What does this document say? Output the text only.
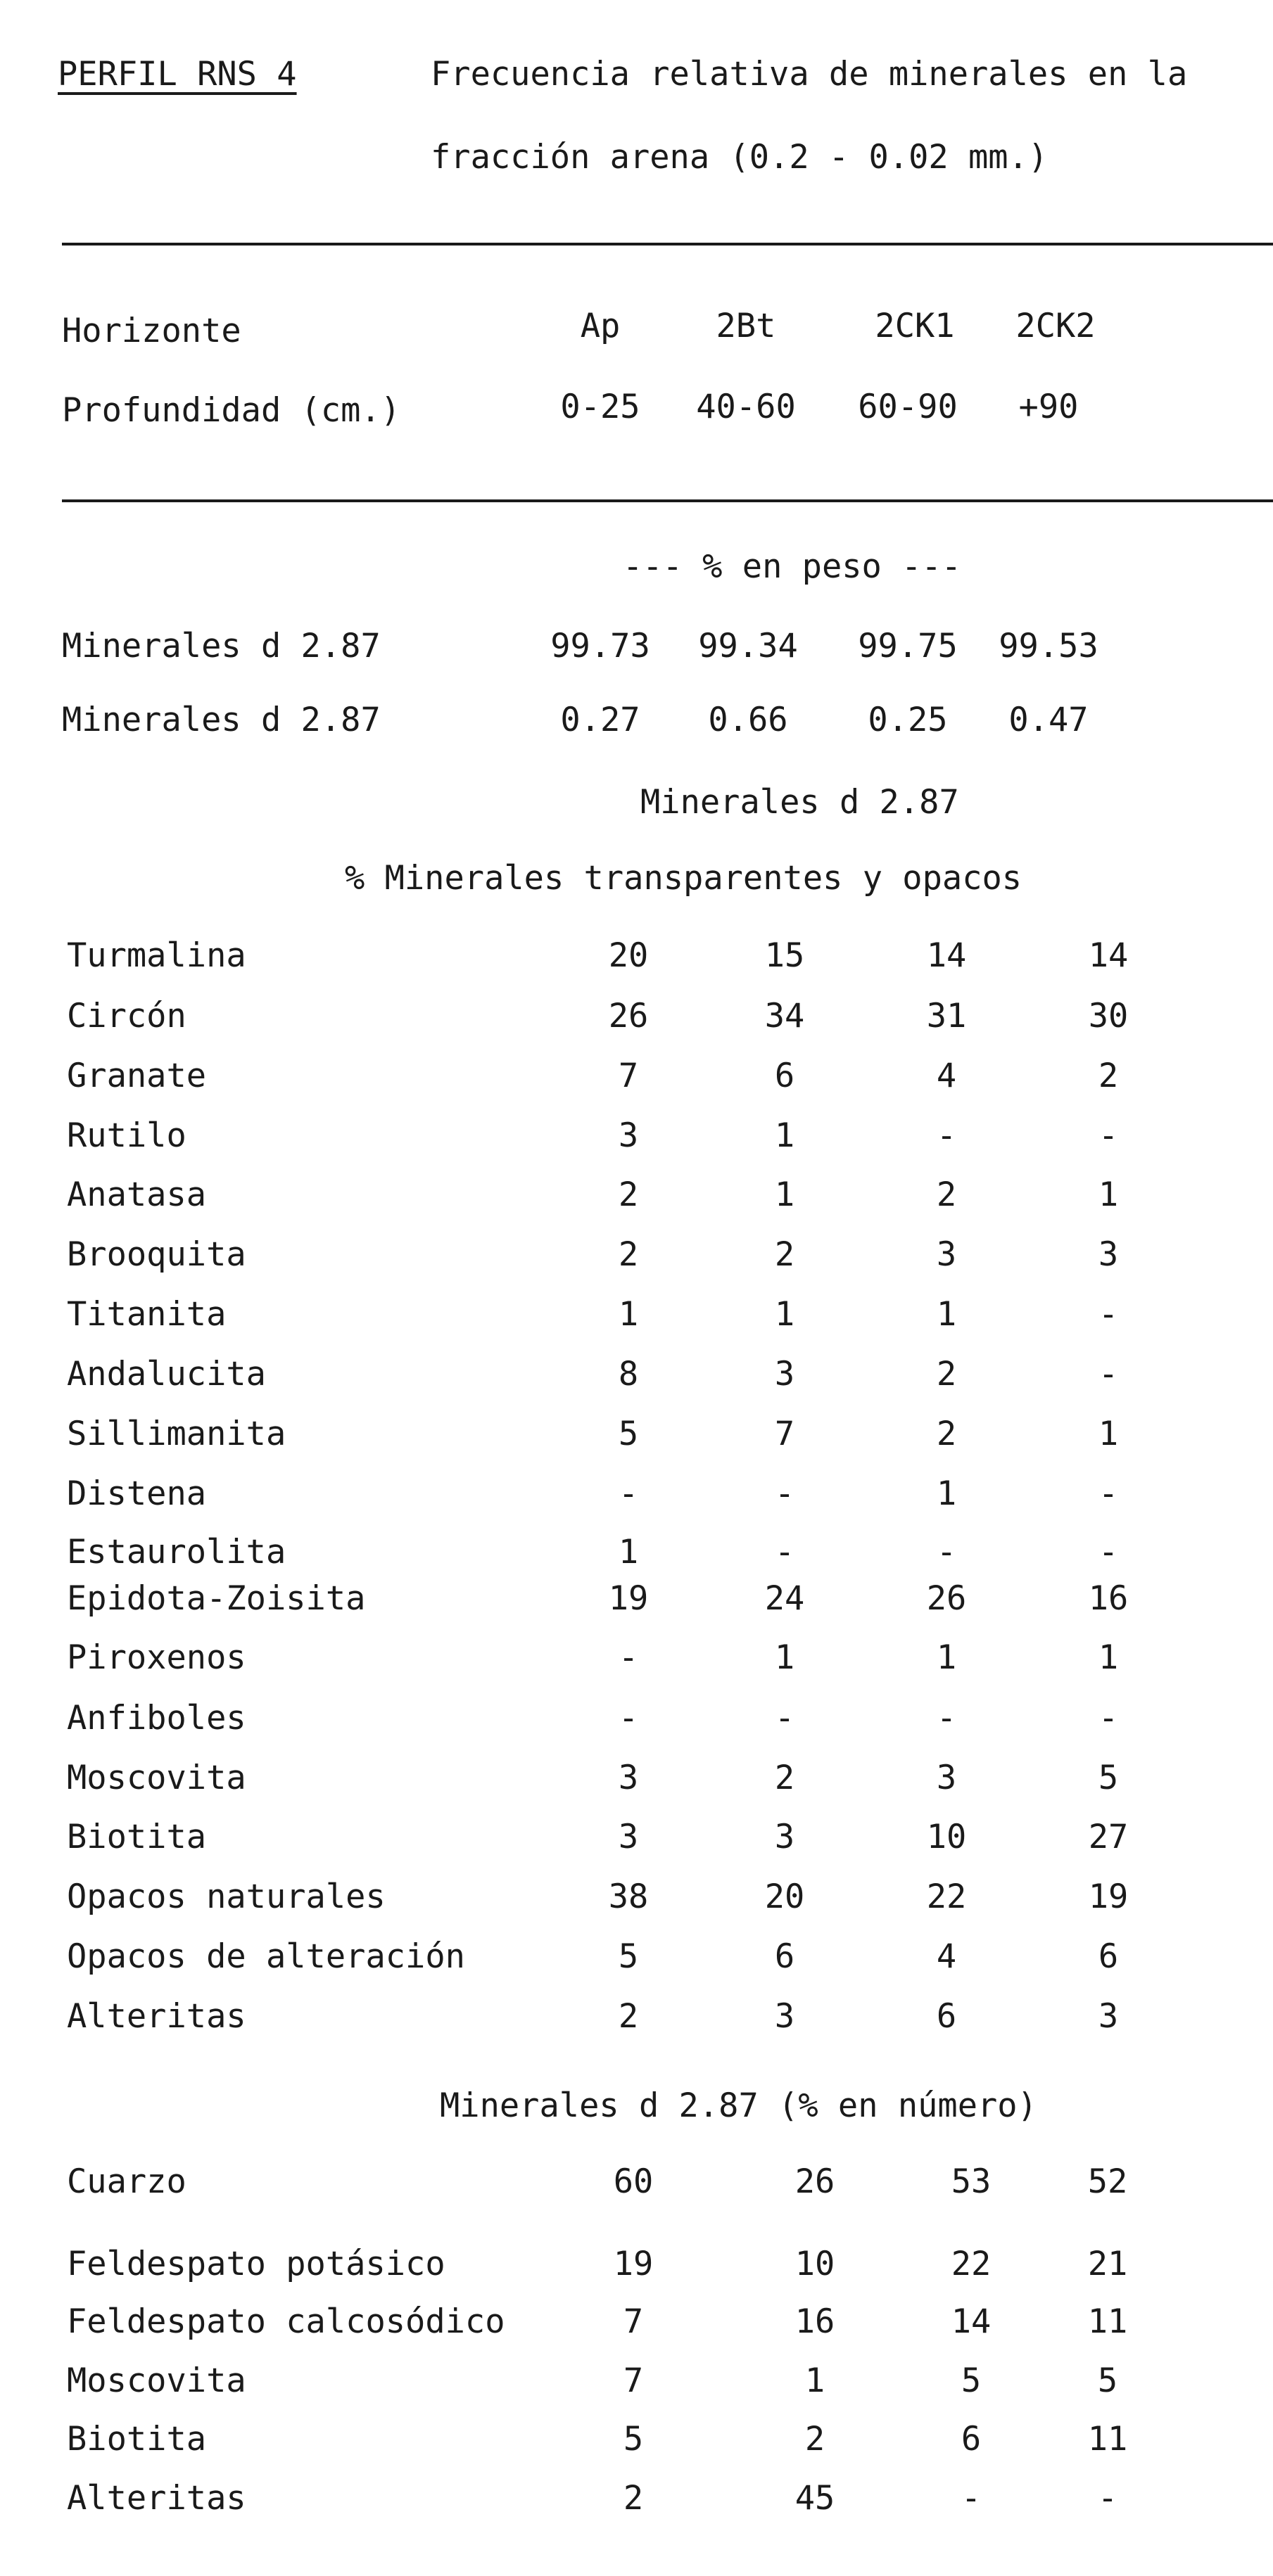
PERFIL RNS 4	Frecuencia relativa de minerales en la
fracción arena (0.2 - 0.02 mm.)
Horizonte	Ap	2Bt	2CK1 2CK2
Profundidad (cm.)	0-25 40-60 60-90 +90
--- % en peso ---
Minerales d 2.87	99.73 99.34 99.75 99.53
Minerales d 2.87	0.27 0.66 0.25 0.47
Minerales d 2.87
% Minerales transparentes y opacos
Turmalina	20	15	14	14
Circón	26	34	31	30
Granate	7	6	4	2
Rutilo	3	1	-	-
Anatasa	2	1	2	1
Brooquita	2	2	3	3
Titanita	1	1	1	-
Andalucita	8	3	2	-
Sillimanita	5	7	2	1
Distena	-	-	1	-
Estaurolita	1	-	-	-
Epidota-Zoisita	19	24	26	16
Piroxenos	-	1	1	1
Anfiboles	-	-	-	-
Moscovita	3	2	3	5
Biotita	3	3	10	27
Opacos naturales	38	20	22	19
Opacos de alteración	5	6	4	6
Alteritas	2	3	6	3
Minerales d 2.87 (% en número)
Cuarzo	60	26	53	52
Feldespato potásico	19	10	22	21
Feldespato calcosódico	7	16	14	11
Moscovita	7	1	5	5
Biotita	5	2	6	11
Alteritas	2	45	-	-
